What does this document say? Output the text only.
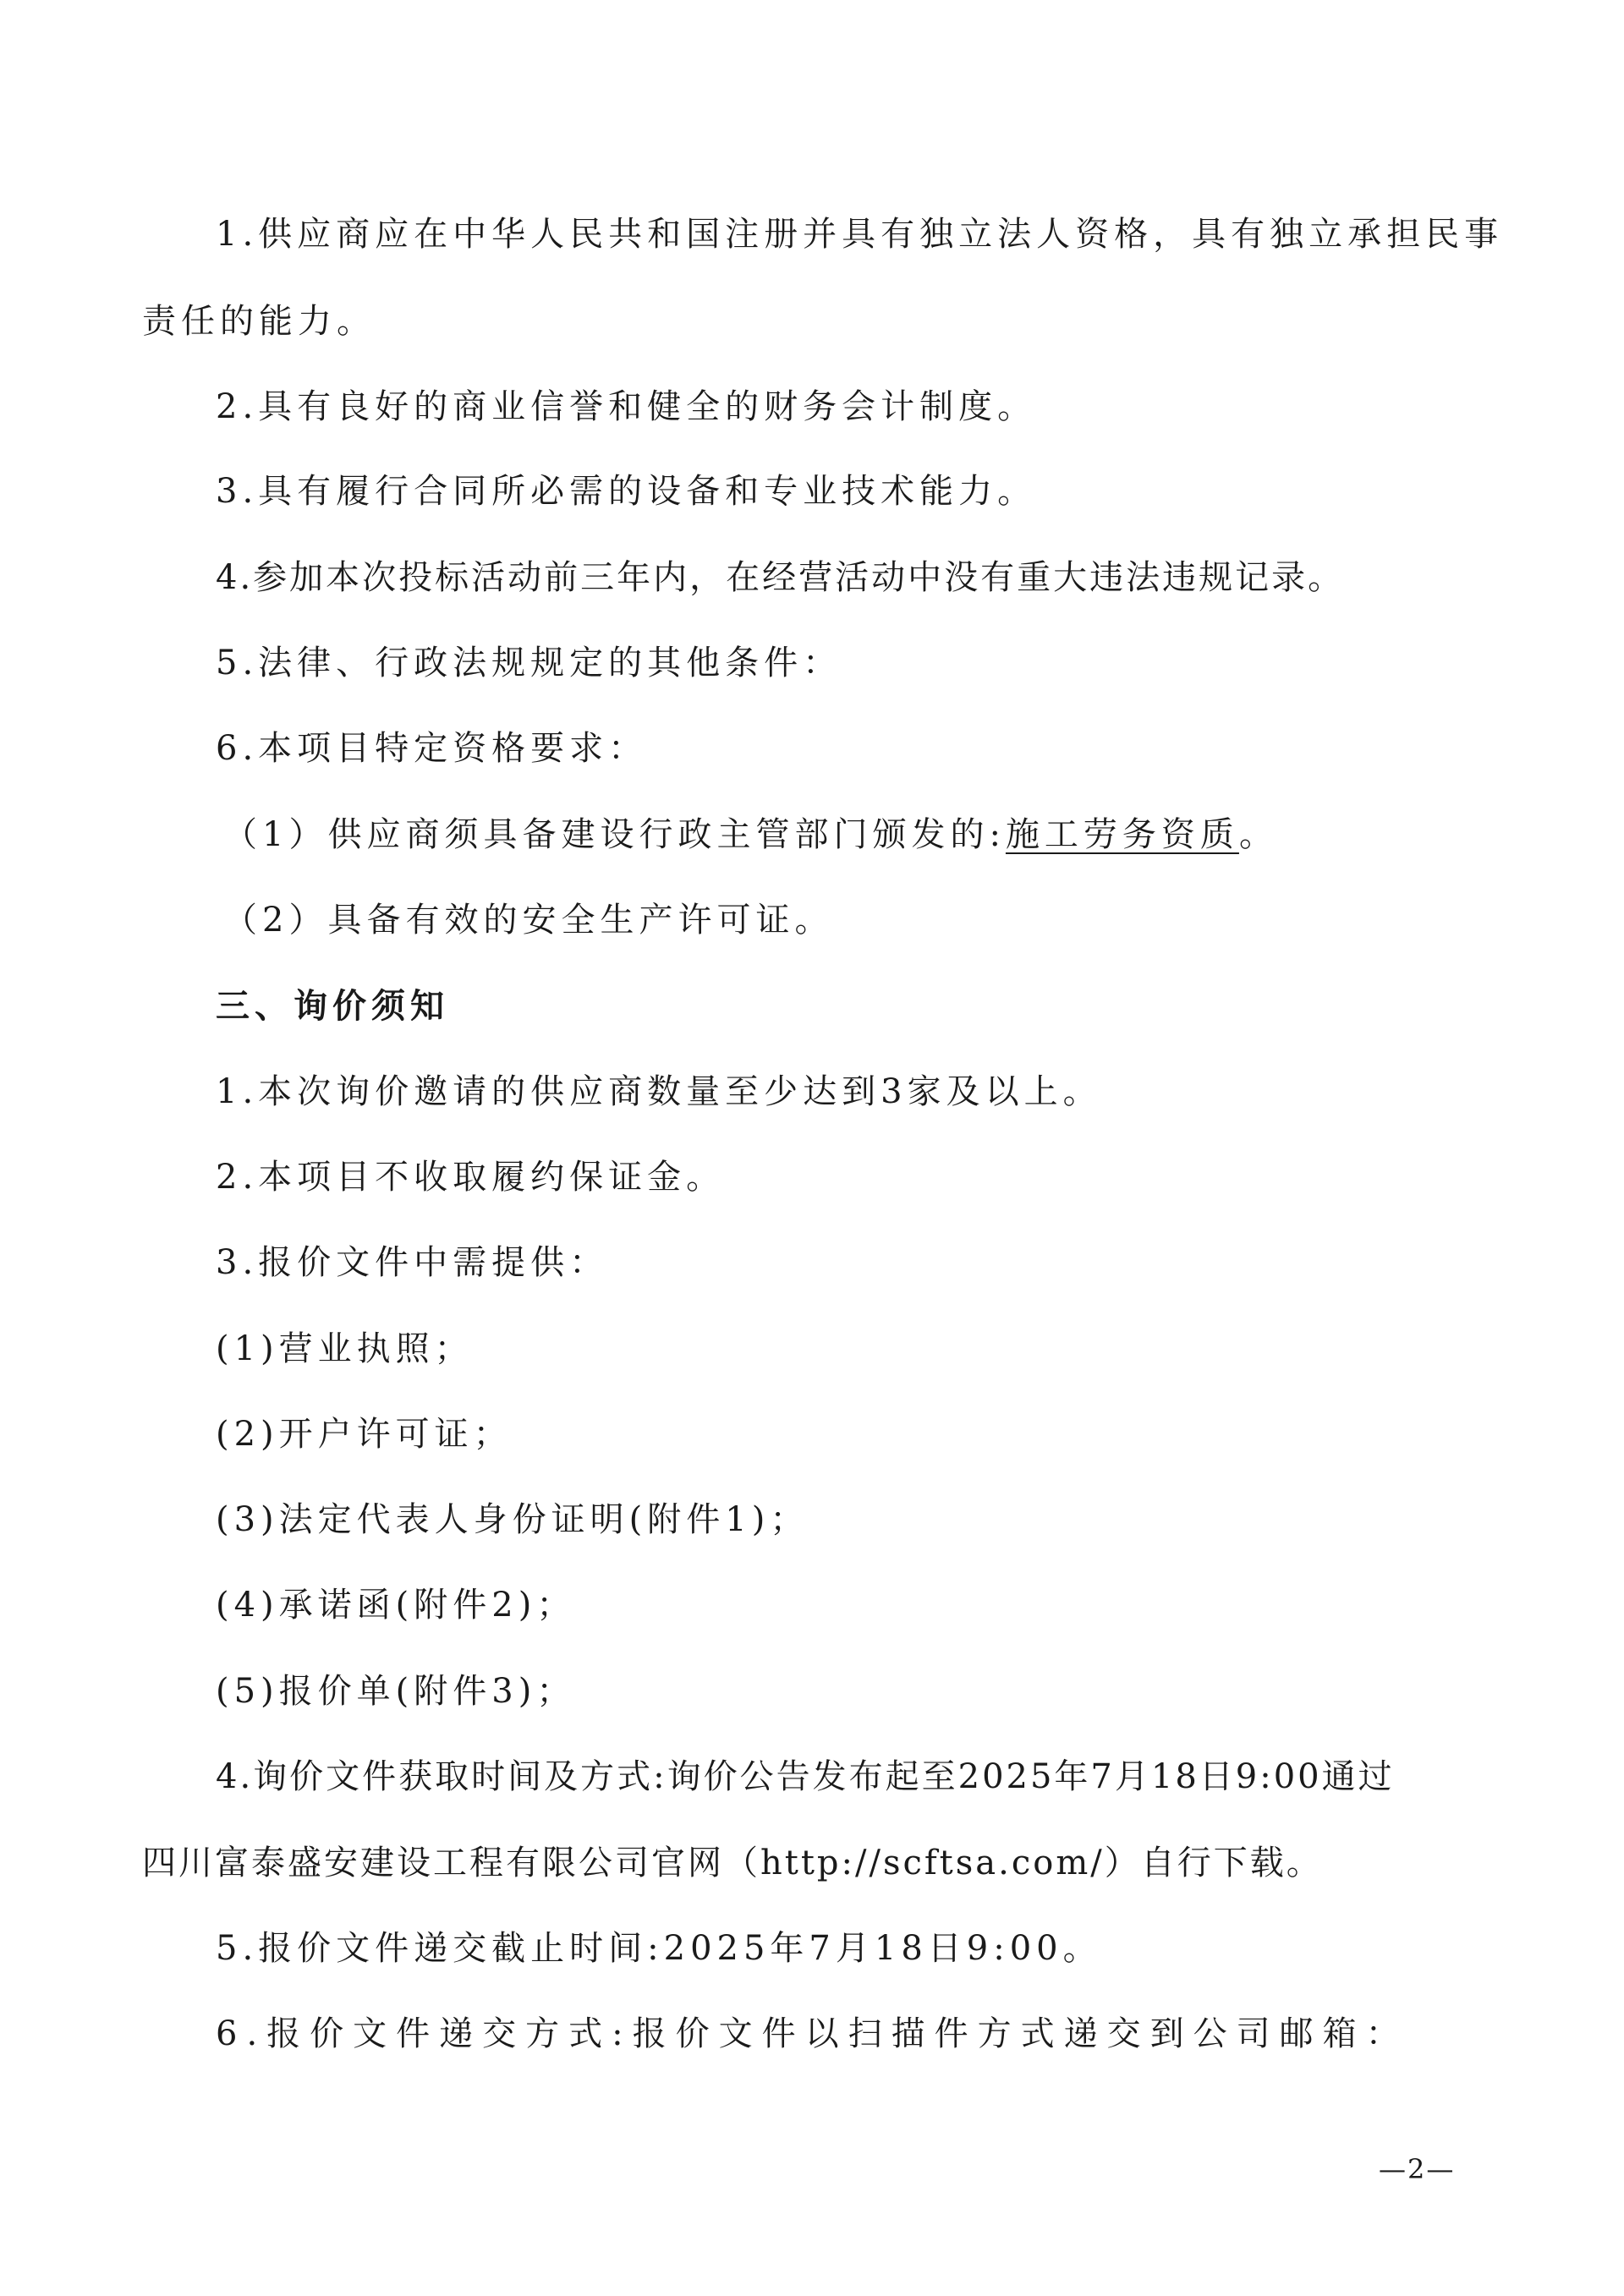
1.供应商应在中华人民共和国注册并具有独立法人资格，具有独立承担民事
责任的能力。
2.具有良好的商业信誉和健全的财务会计制度。
3.具有履行合同所必需的设备和专业技术能力。
4.参加本次投标活动前三年内，在经营活动中没有重大违法违规记录。
5.法律、行政法规规定的其他条件：
6.本项目特定资格要求：
（1）供应商须具备建设行政主管部门颁发的:施工劳务资质。
（2）具备有效的安全生产许可证。
三、询价须知
1.本次询价邀请的供应商数量至少达到3家及以上。
2.本项目不收取履约保证金。
3.报价文件中需提供：
(1)营业执照；
(2)开户许可证；
(3)法定代表人身份证明(附件1)；
(4)承诺函(附件2)；
(5)报价单(附件3)；
4.询价文件获取时间及方式:询价公告发布起至2025年7月18日9:00通过
四川富泰盛安建设工程有限公司官网（http://scftsa.com/）自行下载。
5.报价文件递交截止时间:2025年7月18日9:00。
6.报价文件递交方式:报价文件以扫描件方式递交到公司邮箱：
—2—
